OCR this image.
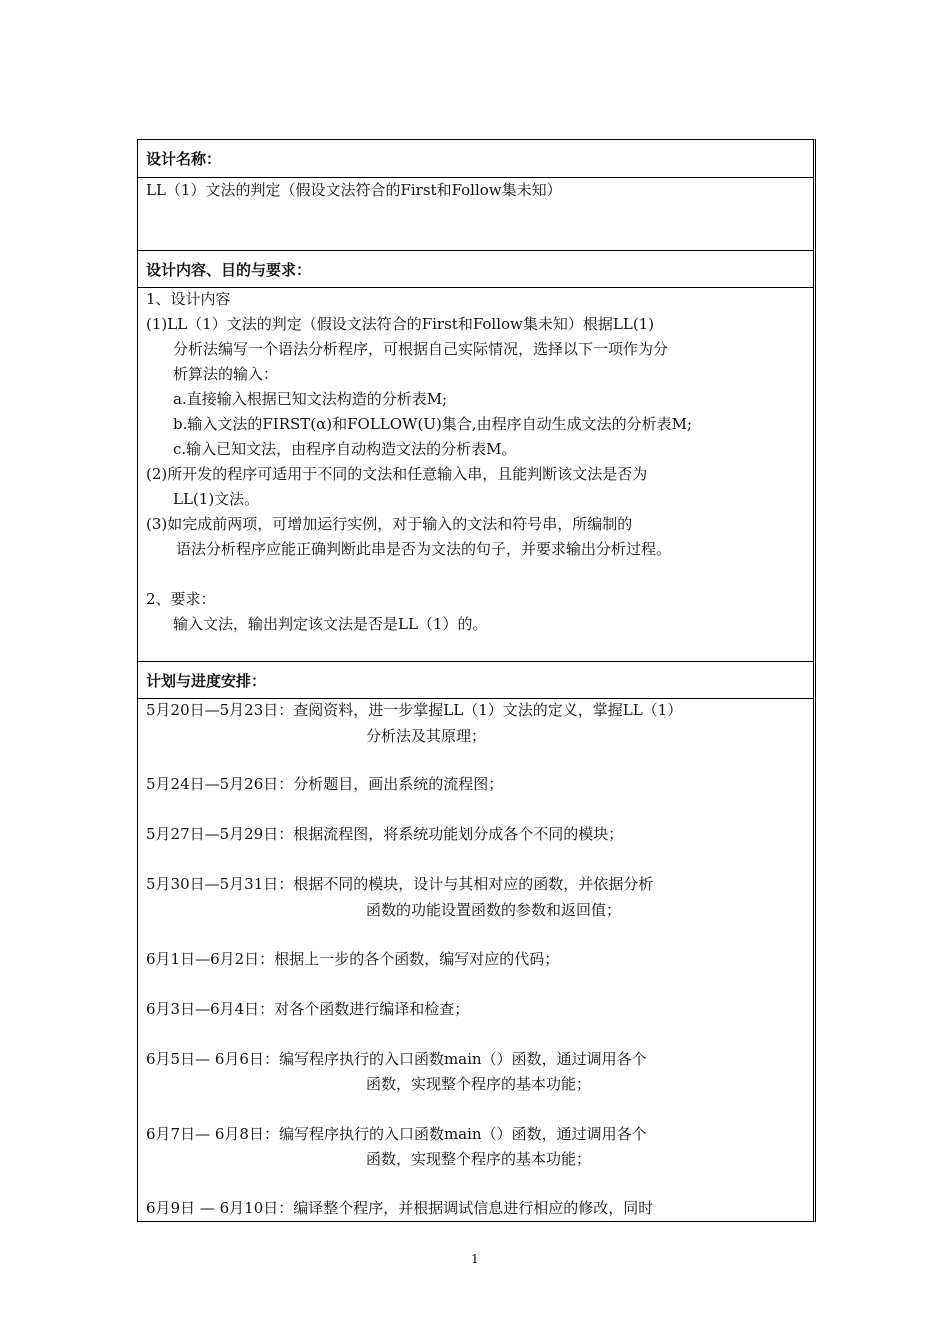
设计名称：
LL（1）文法的判定（假设文法符合的First和Follow集未知）
设计内容、目的与要求：
1、设计内容
(1)LL（1）文法的判定（假设文法符合的First和Follow集未知）根据LL(1)
分析法编写一个语法分析程序，可根据自己实际情况，选择以下一项作为分
析算法的输入：
a.直接输入根据已知文法构造的分析表M;
b.输入文法的FIRST(α)和FOLLOW(U)集合,由程序自动生成文法的分析表M;
c.输入已知文法，由程序自动构造文法的分析表M。
(2)所开发的程序可适用于不同的文法和任意输入串，且能判断该文法是否为
LL(1)文法。
(3)如完成前两项，可增加运行实例，对于输入的文法和符号串，所编制的
语法分析程序应能正确判断此串是否为文法的句子，并要求输出分析过程。
2、要求：
输入文法，输出判定该文法是否是LL（1）的。
计划与进度安排：
5月20日—5月23日：查阅资料，进一步掌握LL（1）文法的定义，掌握LL（1）
分析法及其原理；
5月24日—5月26日：分析题目，画出系统的流程图；
5月27日—5月29日：根据流程图，将系统功能划分成各个不同的模块；
5月30日—5月31日：根据不同的模块，设计与其相对应的函数，并依据分析
函数的功能设置函数的参数和返回值；
6月1日—6月2日：根据上一步的各个函数，编写对应的代码；
6月3日—6月4日：对各个函数进行编译和检查；
6月5日— 6月6日：编写程序执行的入口函数main（）函数，通过调用各个
函数，实现整个程序的基本功能；
6月7日— 6月8日：编写程序执行的入口函数main（）函数，通过调用各个
函数，实现整个程序的基本功能；
6月9日 — 6月10日：编译整个程序，并根据调试信息进行相应的修改，同时
1
